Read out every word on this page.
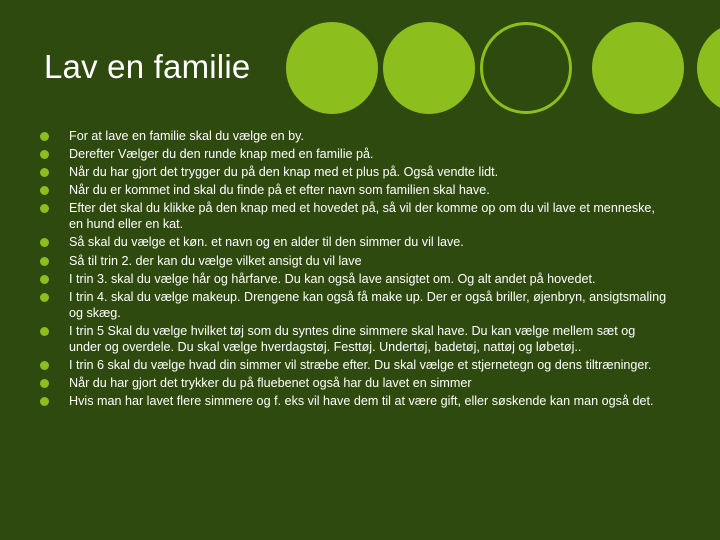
Lav en familie
For at lave en familie skal du vælge en by.
Derefter Vælger du den runde knap med en familie på.
Når du har gjort det trygger du på den knap med et plus på. Også vendte lidt.
Når du er kommet ind skal du finde på et efter navn som familien skal have.
Efter det skal du klikke på den knap med et hovedet på, så vil der komme op om du vil lave et menneske, en hund eller en kat.
Så skal du vælge et køn. et navn og en alder til den simmer du vil lave.
Så til trin 2. der kan du vælge vilket ansigt du vil lave
I trin 3. skal du vælge hår og hårfarve. Du kan også lave ansigtet om. Og alt andet på hovedet.
I trin 4. skal du vælge makeup. Drengene kan også få make up. Der er også briller, øjenbryn, ansigtsmaling og skæg.
I trin 5 Skal du vælge hvilket tøj som du syntes dine simmere skal have. Du kan vælge mellem sæt og under og overdele. Du skal vælge hverdagstøj. Festtøj. Undertøj, badetøj, nattøj og løbetøj..
I trin 6 skal du vælge hvad din simmer vil stræbe efter. Du skal vælge et stjernetegn og dens tiltræninger.
Når du har gjort det trykker du på fluebenet også har du lavet en simmer
Hvis man har lavet flere simmere og f. eks vil have dem til at være gift, eller søskende kan man også det.
